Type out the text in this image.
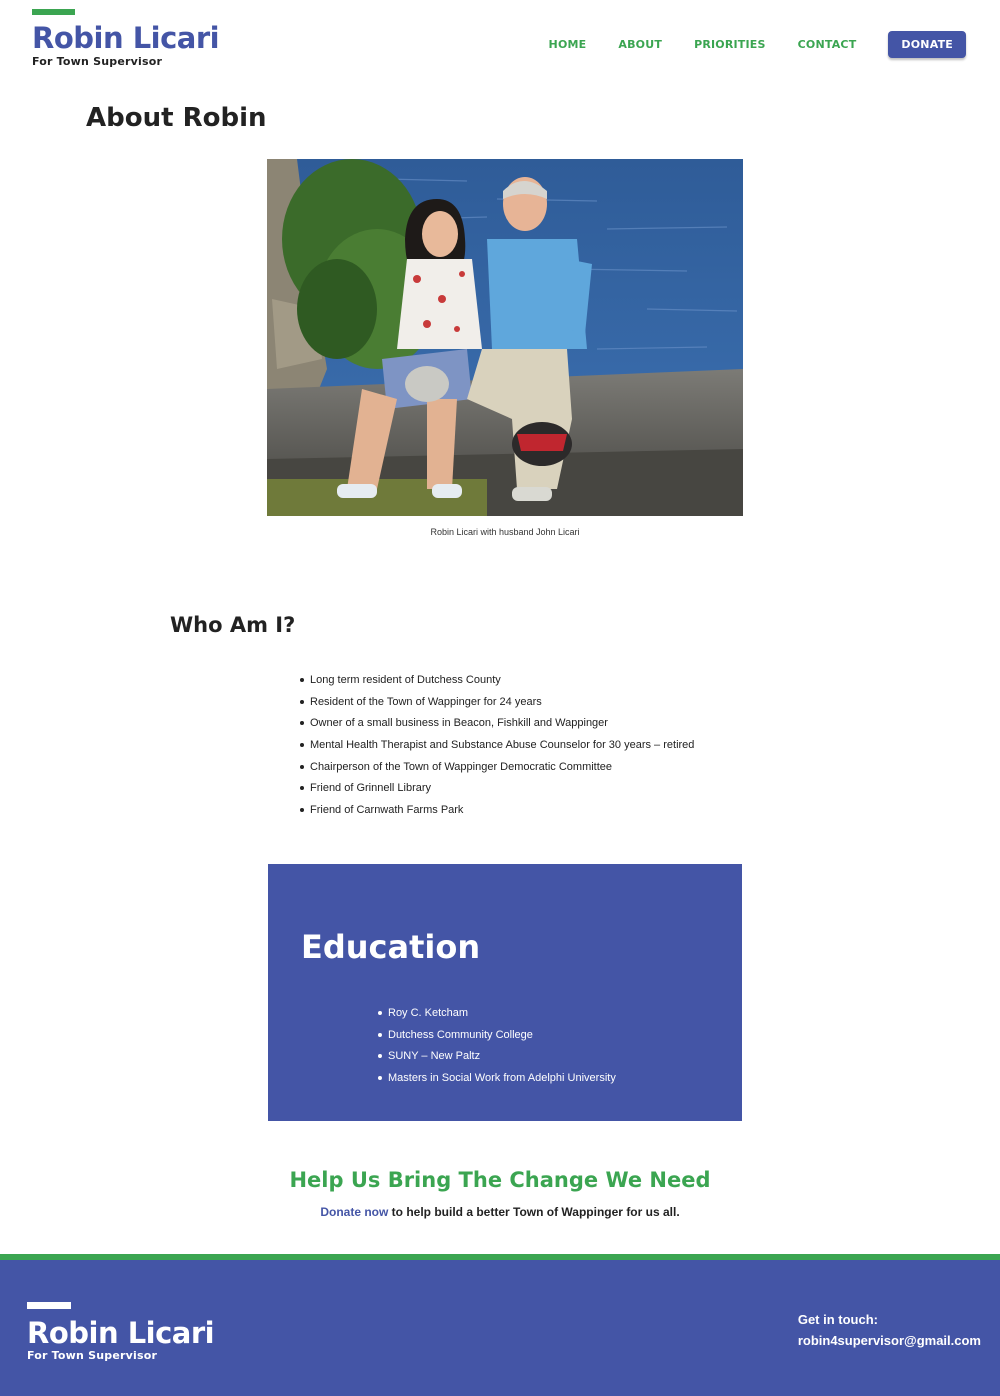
Robin Licari
For Town Supervisor
HOME	ABOUT	PRIORITIES	CONTACT	DONATE
About Robin
Robin Licari with husband John Licari
Who Am I?
Long term resident of Dutchess County
Resident of the Town of Wappinger for 24 years
Owner of a small business in Beacon, Fishkill and Wappinger
Mental Health Therapist and Substance Abuse Counselor for 30 years – retired
Chairperson of the Town of Wappinger Democratic Committee
Friend of Grinnell Library
Friend of Carnwath Farms Park
Education
Roy C. Ketcham
Dutchess Community College
SUNY – New Paltz
Masters in Social Work from Adelphi University
Help Us Bring The Change We Need

Donate now to help build a better Town of Wappinger for us all.

Robin Licari
For Town Supervisor
Get in touch:
robin4supervisor@gmail.com
